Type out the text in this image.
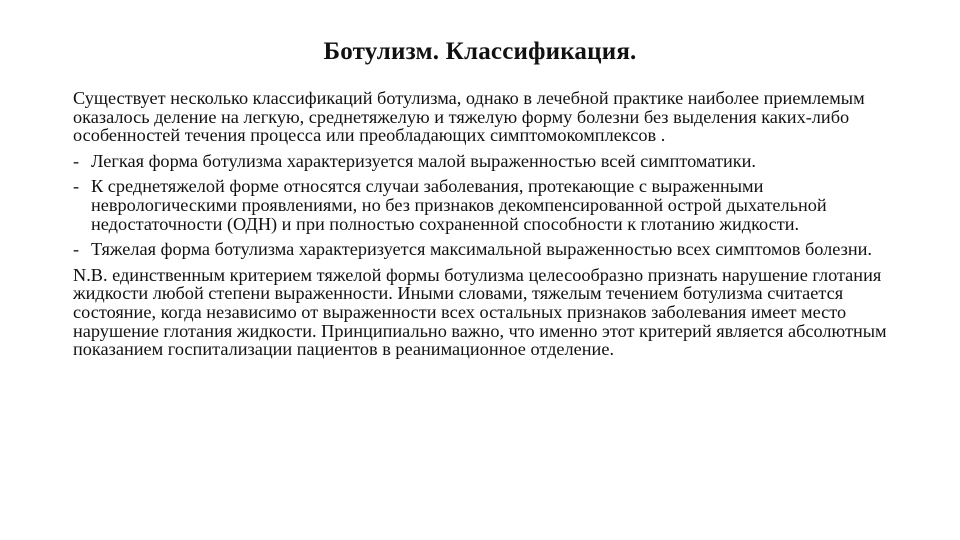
Ботулизм. Классификация.

Существует несколько классификаций ботулизма, однако в лечебной практике наиболее приемлемым оказалось деление на легкую, среднетяжелую и тяжелую форму болезни без выделения каких-либо особенностей течения процесса или преобладающих симптомокомплексов .

- Легкая форма ботулизма характеризуется малой выраженностью всей симптоматики.
- К среднетяжелой форме относятся случаи заболевания, протекающие с выраженными неврологическими проявлениями, но без признаков декомпенсированной острой дыхательной недостаточности (ОДН) и при полностью сохраненной способности к глотанию жидкости.
- Тяжелая форма ботулизма характеризуется максимальной выраженностью всех симптомов болезни.

N.B. единственным критерием тяжелой формы ботулизма целесообразно признать нарушение глотания жидкости любой степени выраженности. Иными словами, тяжелым течением ботулизма считается состояние, когда независимо от выраженности всех остальных признаков заболевания имеет место нарушение глотания жидкости. Принципиально важно, что именно этот критерий является абсолютным показанием госпитализации пациентов в реанимационное отделение.
